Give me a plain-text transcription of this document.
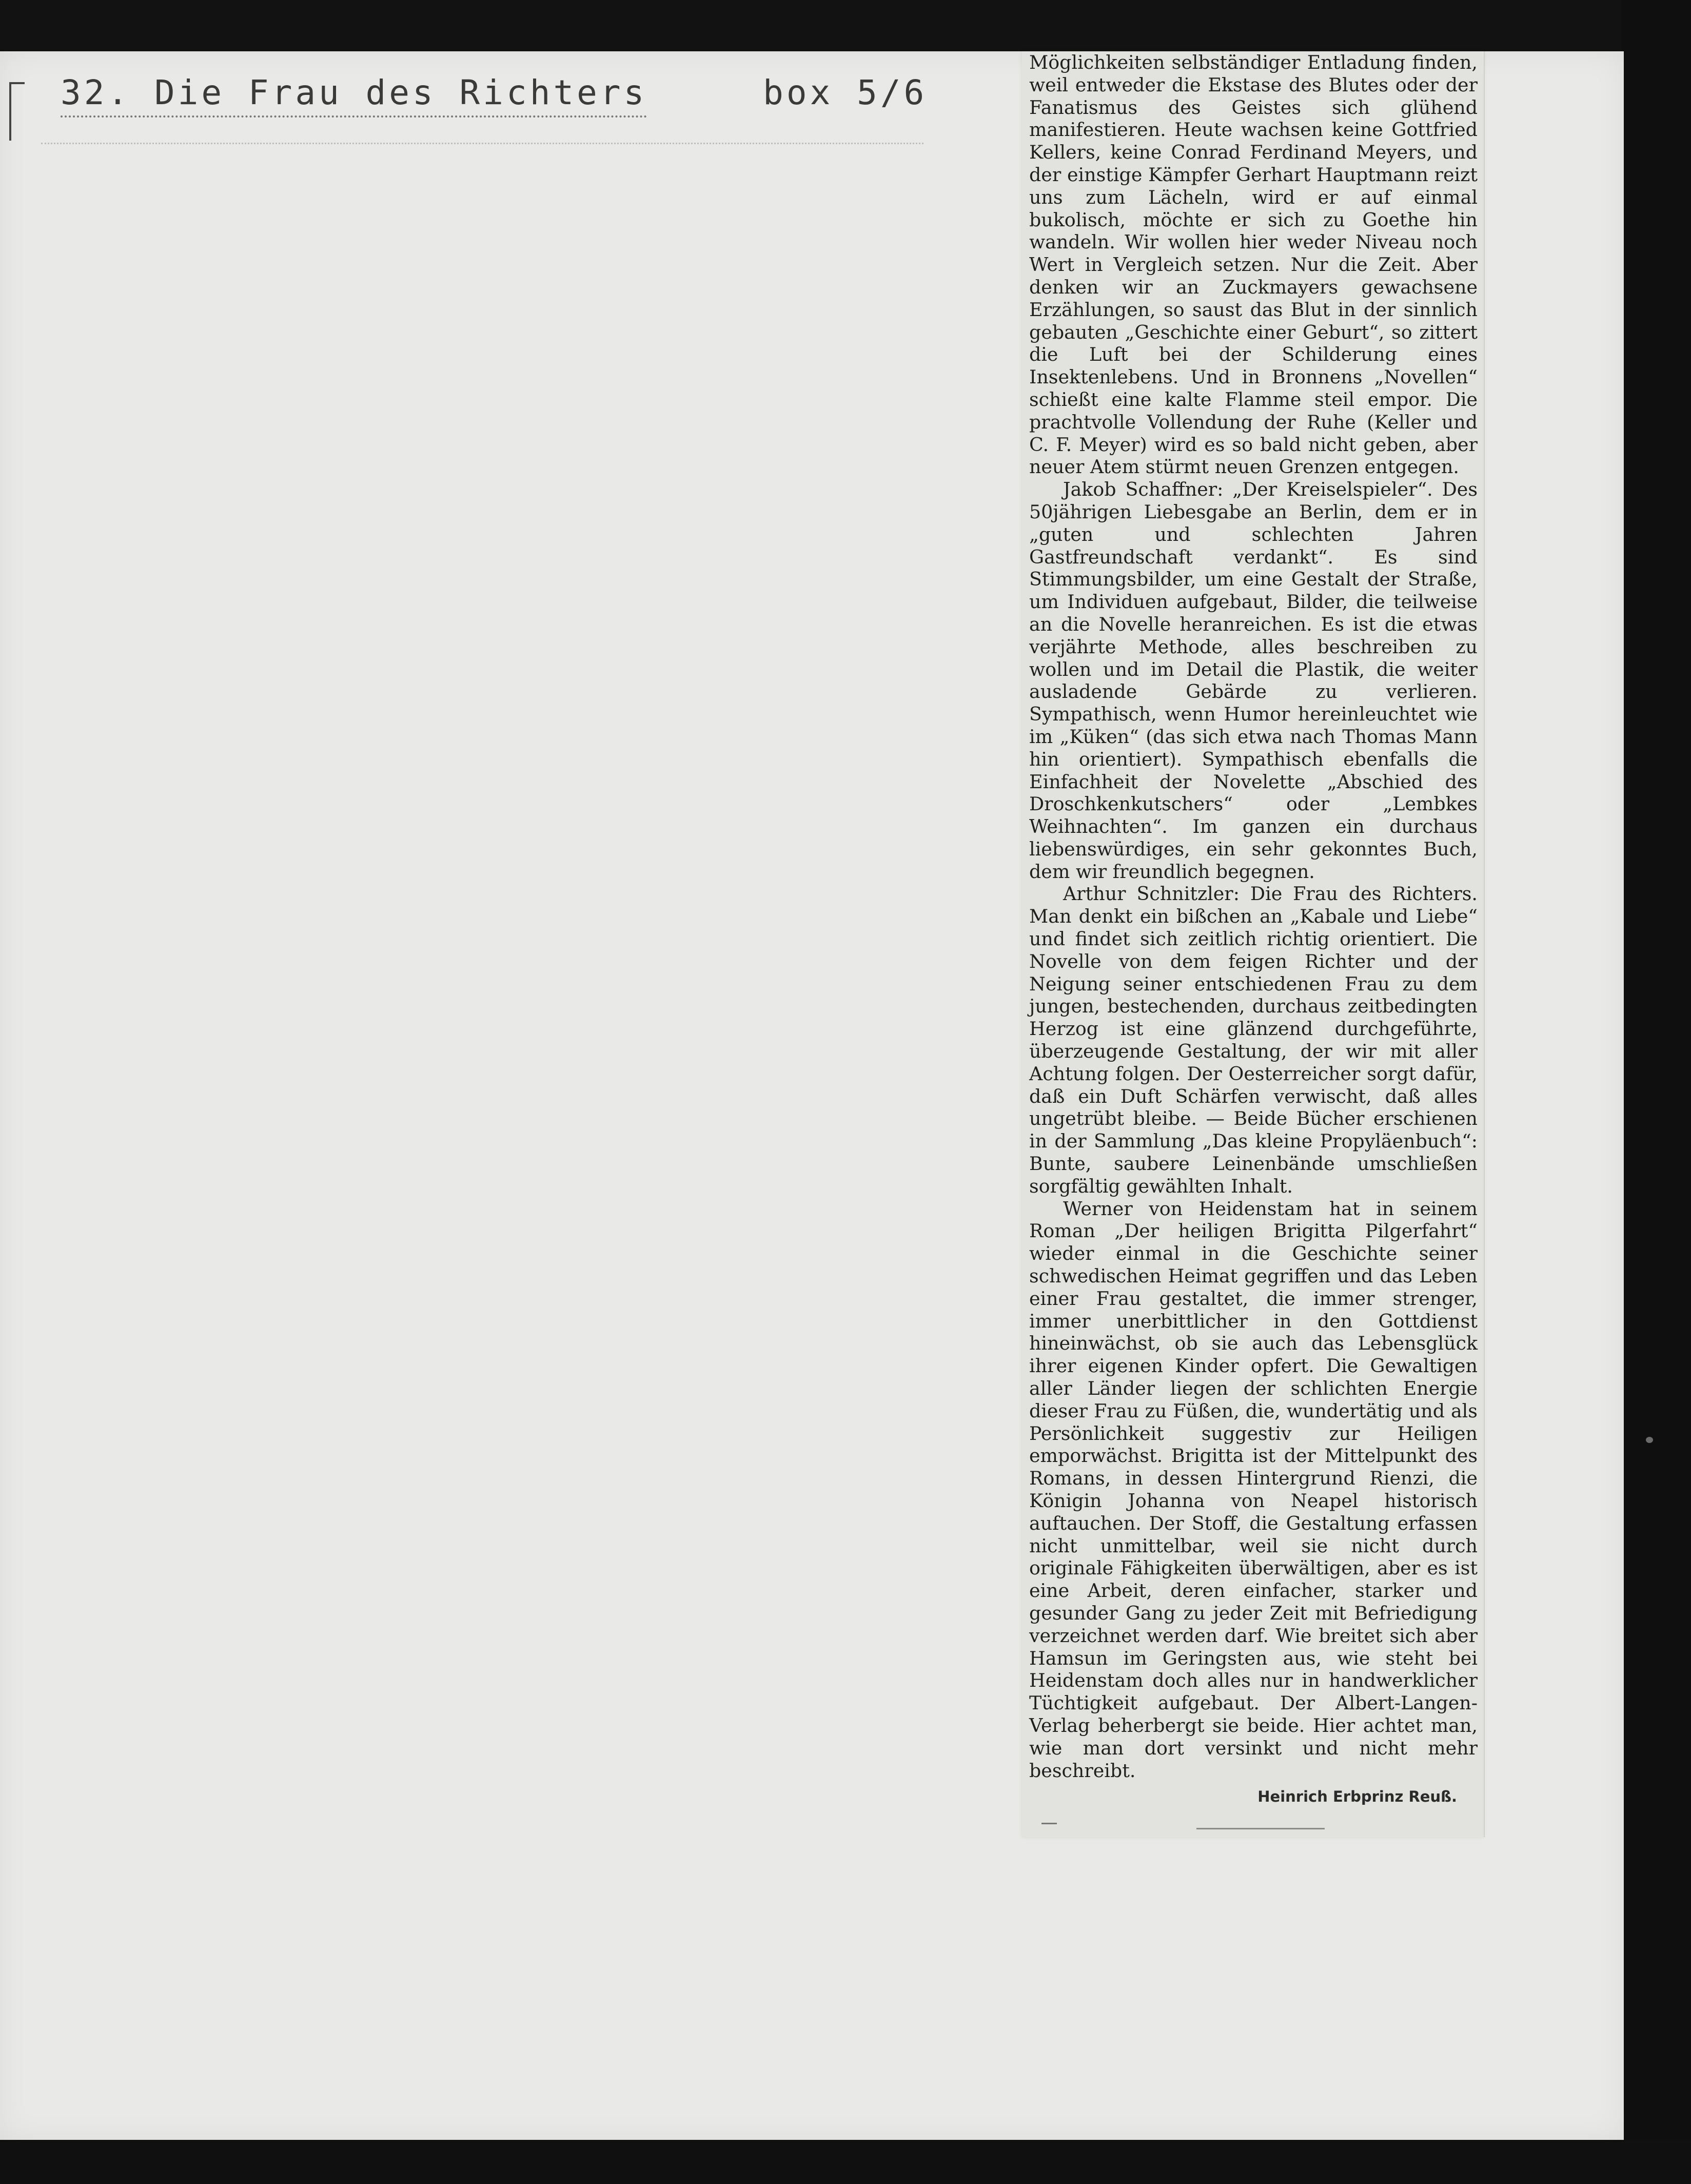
32. Die Frau des Richters	box 5/6

Möglichkeiten selbständiger Entladung finden, weil entweder die Ekstase des Blutes oder der Fanatismus des Geistes sich glühend manifestieren. Heute wachsen keine Gottfried Kellers, keine Conrad Ferdinand Meyers, und der einstige Kämpfer Gerhart Hauptmann reizt uns zum Lächeln, wird er auf einmal bukolisch, möchte er sich zu Goethe hin wandeln. Wir wollen hier weder Niveau noch Wert in Vergleich setzen. Nur die Zeit. Aber denken wir an Zuckmayers gewachsene Erzählungen, so saust das Blut in der sinnlich gebauten „Geschichte einer Geburt“, so zittert die Luft bei der Schilderung eines Insektenlebens. Und in Bronnens „Novellen“ schießt eine kalte Flamme steil empor. Die prachtvolle Vollendung der Ruhe (Keller und C. F. Meyer) wird es so bald nicht geben, aber neuer Atem stürmt neuen Grenzen entgegen.

Jakob Schaffner: „Der Kreiselspieler“. Des 50jährigen Liebesgabe an Berlin, dem er in „guten und schlechten Jahren Gastfreundschaft verdankt“. Es sind Stimmungsbilder, um eine Gestalt der Straße, um Individuen aufgebaut, Bilder, die teilweise an die Novelle heranreichen. Es ist die etwas verjährte Methode, alles beschreiben zu wollen und im Detail die Plastik, die weiter ausladende Gebärde zu verlieren. Sympathisch, wenn Humor hereinleuchtet wie im „Küken“ (das sich etwa nach Thomas Mann hin orientiert). Sympathisch ebenfalls die Einfachheit der Novelette „Abschied des Droschkenkutschers“ oder „Lembkes Weihnachten“. Im ganzen ein durchaus liebenswürdiges, ein sehr gekonntes Buch, dem wir freundlich begegnen.

Arthur Schnitzler: Die Frau des Richters. Man denkt ein bißchen an „Kabale und Liebe“ und findet sich zeitlich richtig orientiert. Die Novelle von dem feigen Richter und der Neigung seiner entschiedenen Frau zu dem jungen, bestechenden, durchaus zeitbedingten Herzog ist eine glänzend durchgeführte, überzeugende Gestaltung, der wir mit aller Achtung folgen. Der Oesterreicher sorgt dafür, daß ein Duft Schärfen verwischt, daß alles ungetrübt bleibe. — Beide Bücher erschienen in der Sammlung „Das kleine Propyläenbuch“: Bunte, saubere Leinenbände umschließen sorgfältig gewählten Inhalt.

Werner von Heidenstam hat in seinem Roman „Der heiligen Brigitta Pilgerfahrt“ wieder einmal in die Geschichte seiner schwedischen Heimat gegriffen und das Leben einer Frau gestaltet, die immer strenger, immer unerbittlicher in den Gottdienst hineinwächst, ob sie auch das Lebensglück ihrer eigenen Kinder opfert. Die Gewaltigen aller Länder liegen der schlichten Energie dieser Frau zu Füßen, die, wundertätig und als Persönlichkeit suggestiv zur Heiligen emporwächst. Brigitta ist der Mittelpunkt des Romans, in dessen Hintergrund Rienzi, die Königin Johanna von Neapel historisch auftauchen. Der Stoff, die Gestaltung erfassen nicht unmittelbar, weil sie nicht durch originale Fähigkeiten überwältigen, aber es ist eine Arbeit, deren einfacher, starker und gesunder Gang zu jeder Zeit mit Befriedigung verzeichnet werden darf. Wie breitet sich aber Hamsun im Geringsten aus, wie steht bei Heidenstam doch alles nur in handwerklicher Tüchtigkeit aufgebaut. Der Albert-Langen-Verlag beherbergt sie beide. Hier achtet man, wie man dort versinkt und nicht mehr beschreibt.

Heinrich Erbprinz Reuß.
